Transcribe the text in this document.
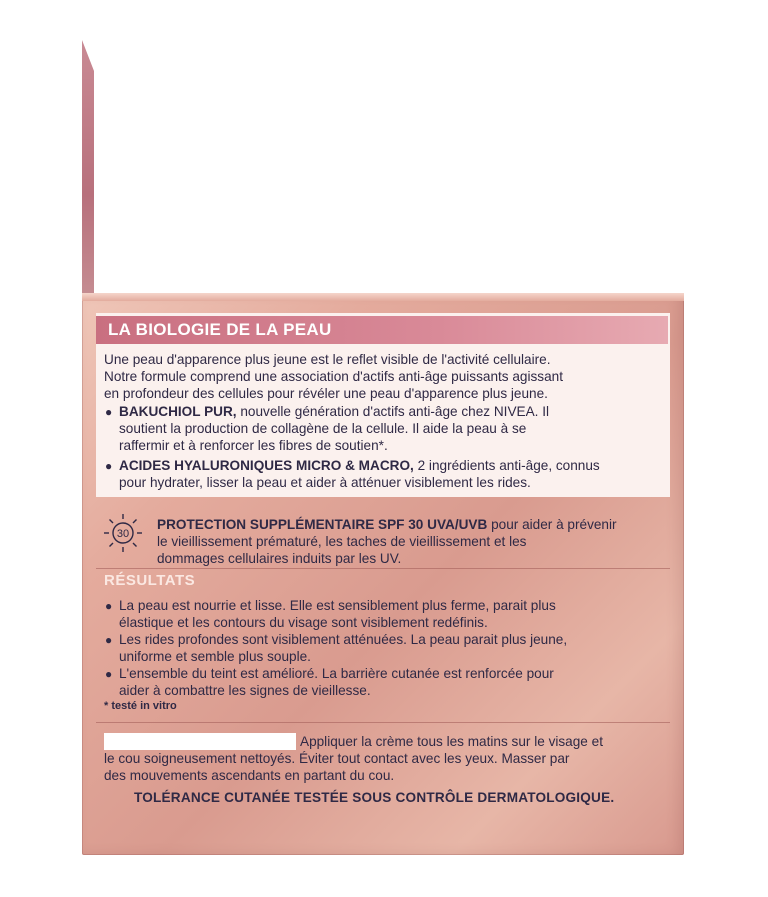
LA BIOLOGIE DE LA PEAU
Une peau d'apparence plus jeune est le reflet visible de l'activité cellulaire.
Notre formule comprend une association d'actifs anti-âge puissants agissant
en profondeur des cellules pour révéler une peau d'apparence plus jeune.
● BAKUCHIOL PUR, nouvelle génération d'actifs anti-âge chez NIVEA. Il
soutient la production de collagène de la cellule. Il aide la peau à se
raffermir et à renforcer les fibres de soutien*.
● ACIDES HYALURONIQUES MICRO & MACRO, 2 ingrédients anti-âge, connus
pour hydrater, lisser la peau et aider à atténuer visiblement les rides.
30
PROTECTION SUPPLÉMENTAIRE SPF 30 UVA/UVB pour aider à prévenir
le vieillissement prématuré, les taches de vieillissement et les
dommages cellulaires induits par les UV.
RÉSULTATS
● La peau est nourrie et lisse. Elle est sensiblement plus ferme, parait plus
élastique et les contours du visage sont visiblement redéfinis.
● Les rides profondes sont visiblement atténuées. La peau parait plus jeune,
uniforme et semble plus souple.
● L'ensemble du teint est amélioré. La barrière cutanée est renforcée pour
aider à combattre les signes de vieillesse.
* testé in vitro
Appliquer la crème tous les matins sur le visage et
le cou soigneusement nettoyés. Éviter tout contact avec les yeux. Masser par
des mouvements ascendants en partant du cou.
TOLÉRANCE CUTANÉE TESTÉE SOUS CONTRÔLE DERMATOLOGIQUE.
